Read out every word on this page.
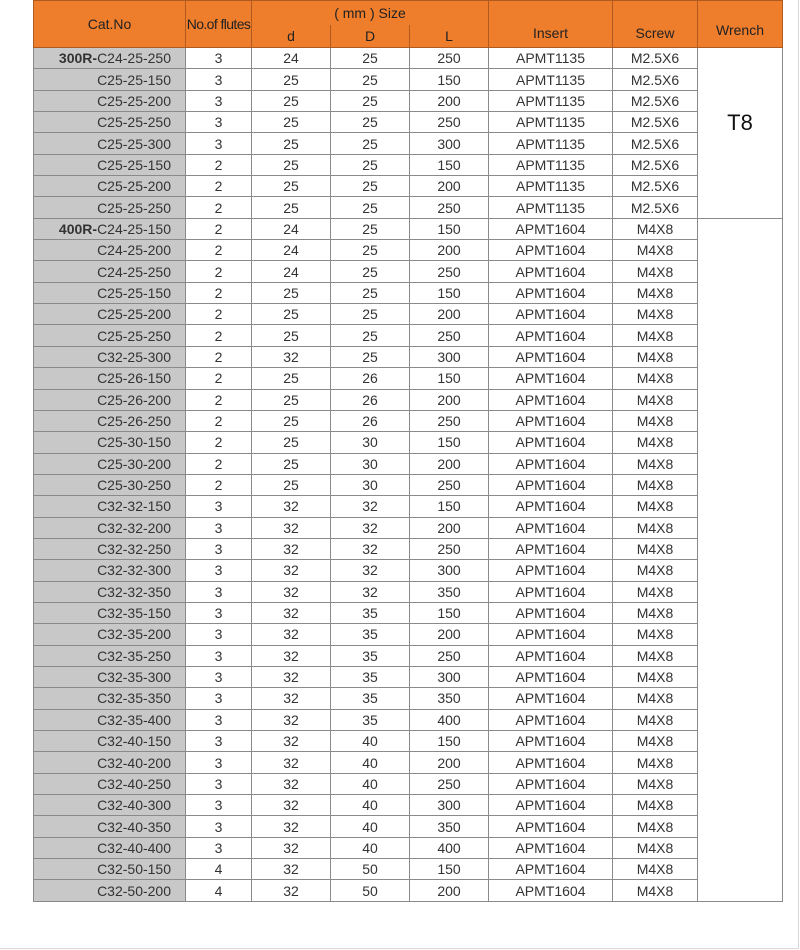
Cat.No	No.of flutes	( mm ) Size			Insert	Screw	Wrench
		d	D	L			
300R-C24-25-250	3	24	25	250	APMT1135	M2.5X6	T8

C25-25-150	3	25	25	150	APMT1135	M2.5X6	
C25-25-200	3	25	25	200	APMT1135	M2.5X6	
C25-25-250	3	25	25	250	APMT1135	M2.5X6	
C25-25-300	3	25	25	300	APMT1135	M2.5X6	
C25-25-150	2	25	25	150	APMT1135	M2.5X6	
C25-25-200	2	25	25	200	APMT1135	M2.5X6	
C25-25-250	2	25	25	250	APMT1135	M2.5X6	
400R-C24-25-150	2	24	25	150	APMT1604	M4X8	
C24-25-200	2	24	25	200	APMT1604	M4X8	
C24-25-250	2	24	25	250	APMT1604	M4X8	
C25-25-150	2	25	25	150	APMT1604	M4X8	
C25-25-200	2	25	25	200	APMT1604	M4X8	
C25-25-250	2	25	25	250	APMT1604	M4X8	
C32-25-300	2	32	25	300	APMT1604	M4X8	
C25-26-150	2	25	26	150	APMT1604	M4X8	
C25-26-200	2	25	26	200	APMT1604	M4X8	
C25-26-250	2	25	26	250	APMT1604	M4X8	
C25-30-150	2	25	30	150	APMT1604	M4X8	
C25-30-200	2	25	30	200	APMT1604	M4X8	
C25-30-250	2	25	30	250	APMT1604	M4X8	
C32-32-150	3	32	32	150	APMT1604	M4X8	
C32-32-200	3	32	32	200	APMT1604	M4X8	
C32-32-250	3	32	32	250	APMT1604	M4X8	
C32-32-300	3	32	32	300	APMT1604	M4X8	
C32-32-350	3	32	32	350	APMT1604	M4X8	
C32-35-150	3	32	35	150	APMT1604	M4X8	
C32-35-200	3	32	35	200	APMT1604	M4X8	
C32-35-250	3	32	35	250	APMT1604	M4X8	
C32-35-300	3	32	35	300	APMT1604	M4X8	
C32-35-350	3	32	35	350	APMT1604	M4X8	
C32-35-400	3	32	35	400	APMT1604	M4X8	
C32-40-150	3	32	40	150	APMT1604	M4X8	
C32-40-200	3	32	40	200	APMT1604	M4X8	
C32-40-250	3	32	40	250	APMT1604	M4X8	
C32-40-300	3	32	40	300	APMT1604	M4X8	
C32-40-350	3	32	40	350	APMT1604	M4X8	
C32-40-400	3	32	40	400	APMT1604	M4X8	
C32-50-150	4	32	50	150	APMT1604	M4X8	
C32-50-200	4	32	50	200	APMT1604	M4X8	
